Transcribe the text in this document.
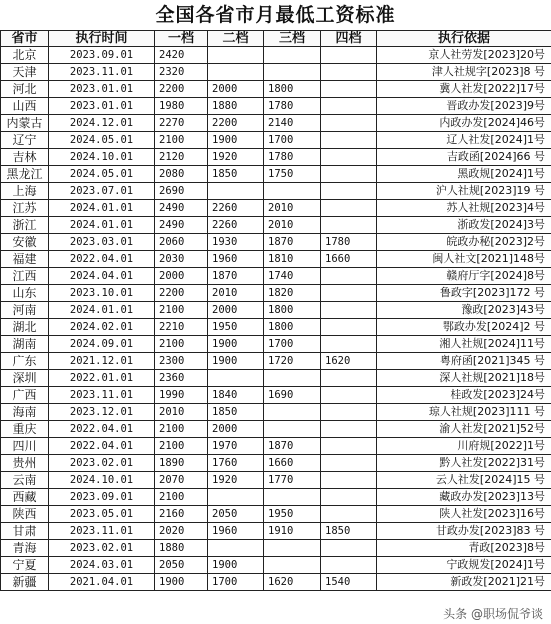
全国各省市月最低工资标准
省市	执行时间	一档	二档	三档	四档	执行依据
北京	2023.09.01	2420				京人社劳发[2023]20号
天津	2023.11.01	2320				津人社规字[2023]8 号
河北	2023.01.01	2200	2000	1800		冀人社发[2022]17号
山西	2023.01.01	1980	1880	1780		晋政办发[2023]9号
内蒙古	2024.12.01	2270	2200	2140		内政办发[2024]46号
辽宁	2024.05.01	2100	1900	1700		辽人社发[2024]1号
吉林	2024.10.01	2120	1920	1780		吉政函[2024]66 号
黑龙江	2024.05.01	2080	1850	1750		黑政规[2024]1号
上海	2023.07.01	2690				沪人社规[2023]19 号
江苏	2024.01.01	2490	2260	2010		苏人社规[2023]4号
浙江	2024.01.01	2490	2260	2010		浙政发[2024]3号
安徽	2023.03.01	2060	1930	1870	1780	皖政办秘[2023]2号
福建	2022.04.01	2030	1960	1810	1660	闽人社文[2021]148号
江西	2024.04.01	2000	1870	1740		赣府厅字[2024]8号
山东	2023.10.01	2200	2010	1820		鲁政字[2023]172 号
河南	2024.01.01	2100	2000	1800		豫政[2023]43号
湖北	2024.02.01	2210	1950	1800		鄂政办发[2024]2 号
湖南	2024.09.01	2100	1900	1700		湘人社规[2024]11号
广东	2021.12.01	2300	1900	1720	1620	粤府函[2021]345 号
深圳	2022.01.01	2360				深人社规[2021]18号
广西	2023.11.01	1990	1840	1690		桂政发[2023]24号
海南	2023.12.01	2010	1850			琼人社规[2023]111 号
重庆	2022.04.01	2100	2000			渝人社发[2021]52号
四川	2022.04.01	2100	1970	1870		川府规[2022]1号
贵州	2023.02.01	1890	1760	1660		黔人社发[2022]31号
云南	2024.10.01	2070	1920	1770		云人社发[2024]15 号
西藏	2023.09.01	2100				藏政办发[2023]13号
陕西	2023.05.01	2160	2050	1950		陕人社发[2023]16号
甘肃	2023.11.01	2020	1960	1910	1850	甘政办发[2023]83 号
青海	2023.02.01	1880				青政[2023]8号
宁夏	2024.03.01	2050	1900			宁政规发[2024]1号
新疆	2021.04.01	1900	1700	1620	1540	新政发[2021]21号
头条 @职场侃爷谈
